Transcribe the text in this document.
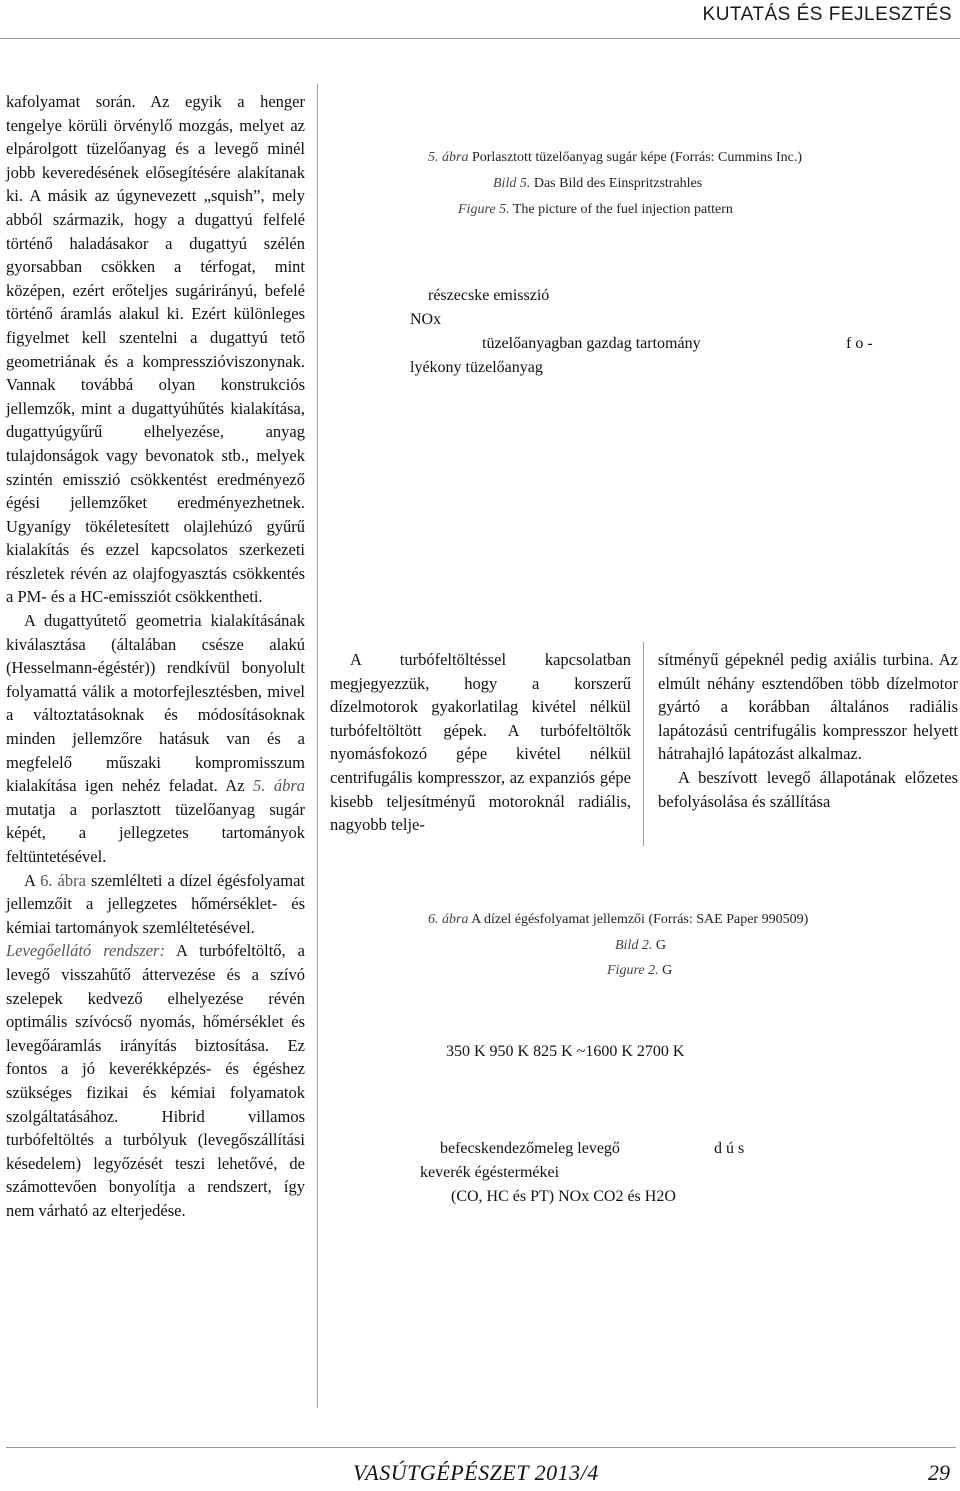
KUTATÁS ÉS FEJLESZTÉS

kafolyamat során. Az egyik a henger tengelye körüli örvénylő mozgás, melyet az elpárolgott tüzelőanyag és a levegő minél jobb keveredésének elősegítésére alakítanak ki. A másik az úgynevezett „squish”, mely abból származik, hogy a dugattyú felfelé történő haladásakor a dugattyú szélén gyorsabban csökken a térfogat, mint középen, ezért erőteljes sugárirányú, befelé történő áramlás alakul ki. Ezért különleges figyelmet kell szentelni a dugattyú tető geometriának és a kompresszióviszonynak. Vannak továbbá olyan konstrukciós jellemzők, mint a dugattyúhűtés kialakítása, dugattyúgyűrű elhelyezése, anyag tulajdonságok vagy bevonatok stb., melyek szintén emisszió csökkentést eredményező égési jellemzőket eredményezhetnek. Ugyanígy tökéletesített olajlehúzó gyűrű kialakítás és ezzel kapcsolatos szerkezeti részletek révén az olajfogyasztás csökkentés a PM- és a HC-emissziót csökkentheti.

A dugattyútető geometria kialakításának kiválasztása (általában csésze alakú (Hesselmann-égéstér)) rendkívül bonyolult folyamattá válik a motorfejlesztésben, mivel a változtatásoknak és módosításoknak minden jellemzőre hatásuk van és a megfelelő műszaki kompromisszum kialakítása igen nehéz feladat. Az 5. ábra mutatja a porlasztott tüzelőanyag sugár képét, a jellegzetes tartományok feltüntetésével.

A 6. ábra szemlélteti a dízel égésfolyamat jellemzőit a jellegzetes hőmérséklet- és kémiai tartományok szemléltetésével.

Levegőellátó rendszer: A turbófeltöltő, a levegő visszahűtő áttervezése és a szívó szelepek kedvező elhelyezése révén optimális szívócső nyomás, hőmérséklet és levegőáramlás irányítás biztosítása. Ez fontos a jó keverékképzés- és égéshez szükséges fizikai és kémiai folyamatok szolgáltatásához. Hibrid villamos turbófeltöltés a turbólyuk (levegőszállítási késedelem) legyőzését teszi lehetővé, de számottevően bonyolítja a rendszert, így nem várható az elterjedése.

5. ábra Porlasztott tüzelőanyag sugár képe (Forrás: Cummins Inc.)
Bild 5. Das Bild des Einspritzstrahles
Figure 5. The picture of the fuel injection pattern
részecske emisszió
NOx
tüzelőanyagban gazdag tartomány	f o -
lyékony tüzelőanyag

A turbófeltöltéssel kapcsolatban megjegyezzük, hogy a korszerű dízelmotorok gyakorlatilag kivétel nélkül turbófeltöltött gépek. A turbófeltöltők nyomásfokozó gépe kivétel nélkül centrifugális kompresszor, az expanziós gépe kisebb teljesítményű motoroknál radiális, nagyobb telje-

sítményű gépeknél pedig axiális turbina. Az elmúlt néhány esztendőben több dízelmotor gyártó a korábban általános radiális lapátozású centrifugális kompresszor helyett hátrahajló lapátozást alkalmaz.

A beszívott levegő állapotának előzetes befolyásolása és szállítása

6. ábra A dízel égésfolyamat jellemzői (Forrás: SAE Paper 990509)
Bild 2. G
Figure 2. G
350 K 950 K 825 K ~1600 K 2700 K
befecskendezőmeleg levegő	d ú s
keverék égéstermékei
(CO, HC és PT) NOx CO2 és H2O
VASÚTGÉPÉSZET 2013/4	29
